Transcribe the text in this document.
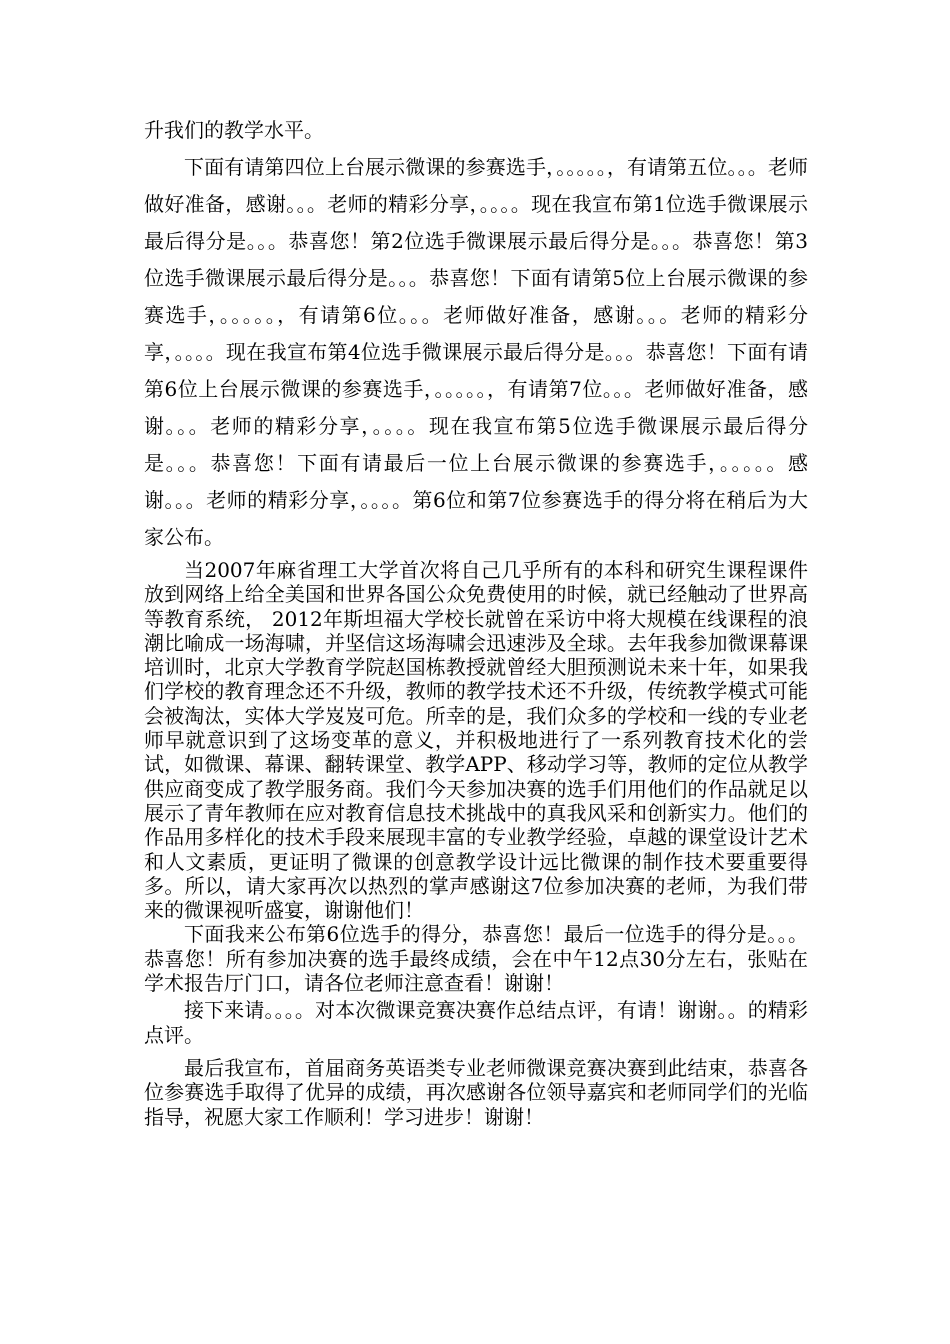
升我们的教学水平。

下面有请第四位上台展示微课的参赛选手，。。。。。，有请第五位。。。老师做好准备，感谢。。。老师的精彩分享，。。。。现在我宣布第1位选手微课展示最后得分是。。。恭喜您！第2位选手微课展示最后得分是。。。恭喜您！第3位选手微课展示最后得分是。。。恭喜您！下面有请第5位上台展示微课的参赛选手，。。。。。，有请第6位。。。老师做好准备，感谢。。。老师的精彩分享，。。。。现在我宣布第4位选手微课展示最后得分是。。。恭喜您！下面有请第6位上台展示微课的参赛选手，。。。。。，有请第7位。。。老师做好准备，感谢。。。老师的精彩分享，。。。。现在我宣布第5位选手微课展示最后得分是。。。恭喜您！下面有请最后一位上台展示微课的参赛选手，。。。。。感谢。。。老师的精彩分享，。。。。第6位和第7位参赛选手的得分将在稍后为大家公布。

当2007年麻省理工大学首次将自己几乎所有的本科和研究生课程课件放到网络上给全美国和世界各国公众免费使用的时候，就已经触动了世界高等教育系统， 2012年斯坦福大学校长就曾在采访中将大规模在线课程的浪潮比喻成一场海啸，并坚信这场海啸会迅速涉及全球。去年我参加微课幕课培训时，北京大学教育学院赵国栋教授就曾经大胆预测说未来十年，如果我们学校的教育理念还不升级，教师的教学技术还不升级，传统教学模式可能会被淘汰，实体大学岌岌可危。所幸的是，我们众多的学校和一线的专业老师早就意识到了这场变革的意义，并积极地进行了一系列教育技术化的尝试，如微课、幕课、翻转课堂、教学APP、移动学习等，教师的定位从教学供应商变成了教学服务商。我们今天参加决赛的选手们用他们的作品就足以展示了青年教师在应对教育信息技术挑战中的真我风采和创新实力。他们的作品用多样化的技术手段来展现丰富的专业教学经验，卓越的课堂设计艺术和人文素质，更证明了微课的创意教学设计远比微课的制作技术要重要得多。所以，请大家再次以热烈的掌声感谢这7位参加决赛的老师，为我们带来的微课视听盛宴，谢谢他们！

下面我来公布第6位选手的得分，恭喜您！最后一位选手的得分是。。。恭喜您！所有参加决赛的选手最终成绩，会在中午12点30分左右，张贴在学术报告厅门口，请各位老师注意查看！谢谢！

接下来请。。。。对本次微课竞赛决赛作总结点评，有请！谢谢。。的精彩点评。

最后我宣布，首届商务英语类专业老师微课竞赛决赛到此结束，恭喜各位参赛选手取得了优异的成绩，再次感谢各位领导嘉宾和老师同学们的光临指导，祝愿大家工作顺利！学习进步！谢谢！
